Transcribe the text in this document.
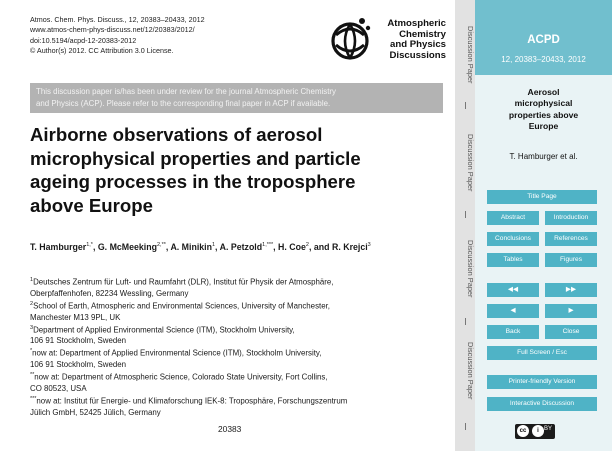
Atmos. Chem. Phys. Discuss., 12, 20383–20433, 2012
www.atmos-chem-phys-discuss.net/12/20383/2012/
doi:10.5194/acpd-12-20383-2012
© Author(s) 2012. CC Attribution 3.0 License.
Atmospheric
Chemistry
and Physics
Discussions
This discussion paper is/has been under review for the journal Atmospheric Chemistry
and Physics (ACP). Please refer to the corresponding final paper in ACP if available.
Airborne observations of aerosol
microphysical properties and particle
ageing processes in the troposphere
above Europe
T. Hamburger$^{1,*}$, G. McMeeking$^{2,**}$, A. Minikin$^1$, A. Petzold$^{1,***}$, H. Coe$^2$, and R. Krejci$^3$

$^1$Deutsches Zentrum für Luft- und Raumfahrt (DLR), Institut für Physik der Atmosphäre,
Oberpfaffenhofen, 82234 Wessling, Germany

$^2$School of Earth, Atmospheric and Environmental Sciences, University of Manchester,
Manchester M13 9PL, UK

$^3$Department of Applied Environmental Science (ITM), Stockholm University,
106 91 Stockholm, Sweden

*now at: Department of Applied Environmental Science (ITM), Stockholm University,
106 91 Stockholm, Sweden

**now at: Department of Atmospheric Science, Colorado State University, Fort Collins,
CO 80523, USA

***now at: Institut für Energie- und Klimaforschung IEK-8: Troposphäre, Forschungszentrum
Jülich GmbH, 52425 Jülich, Germany

20383
Discussion Paper
Discussion Paper
Discussion Paper
Discussion Paper
ACPD
12, 20383–20433, 2012
Aerosol
microphysical
properties above
Europe
T. Hamburger et al.
Title Page
Abstract	Introduction
Conclusions	References
Tables	Figures
◀◀	▶▶
◀	▶
Back	Close
Full Screen / Esc
Printer-friendly Version
Interactive Discussion
cc	i BY
